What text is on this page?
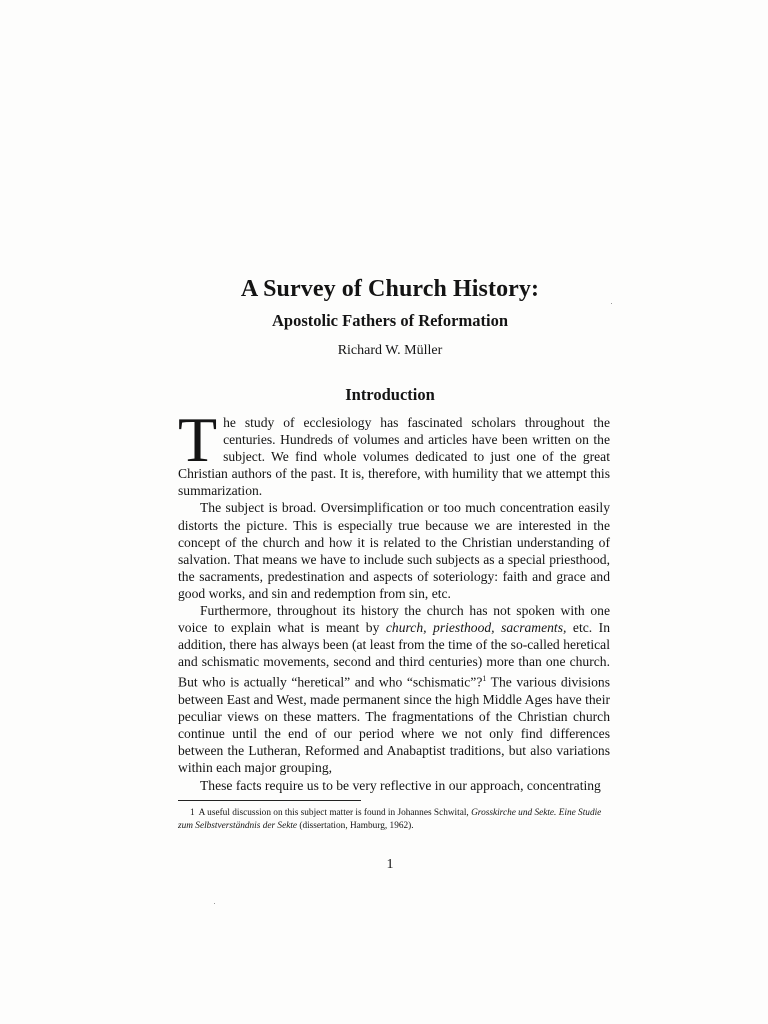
A Survey of Church History:
Apostolic Fathers of Reformation
Richard W. Müller
Introduction

The study of ecclesiology has fascinated scholars throughout the centuries. Hundreds of volumes and articles have been written on the subject. We find whole volumes dedicated to just one of the great Christian authors of the past. It is, therefore, with humility that we attempt this summarization.

The subject is broad. Oversimplification or too much concentration easily distorts the picture. This is especially true because we are interested in the concept of the church and how it is related to the Christian understanding of salvation. That means we have to include such subjects as a special priesthood, the sacraments, predestination and aspects of soteriology: faith and grace and good works, and sin and redemption from sin, etc.

Furthermore, throughout its history the church has not spoken with one voice to explain what is meant by church, priesthood, sacraments, etc. In addition, there has always been (at least from the time of the so-called heretical and schismatic movements, second and third centuries) more than one church. But who is actually “heretical” and who “schismatic”?$^1$ The various divisions between East and West, made permanent since the high Middle Ages have their peculiar views on these matters. The fragmentations of the Christian church continue until the end of our period where we not only find differences between the Lutheran, Reformed and Anabaptist traditions, but also variations within each major grouping,

These facts require us to be very reflective in our approach, concentrating

1 A useful discussion on this subject matter is found in Johannes Schwital, Grosskirche und Sekte. Eine Studie zum Selbstverständnis der Sekte (dissertation, Hamburg, 1962).
1
